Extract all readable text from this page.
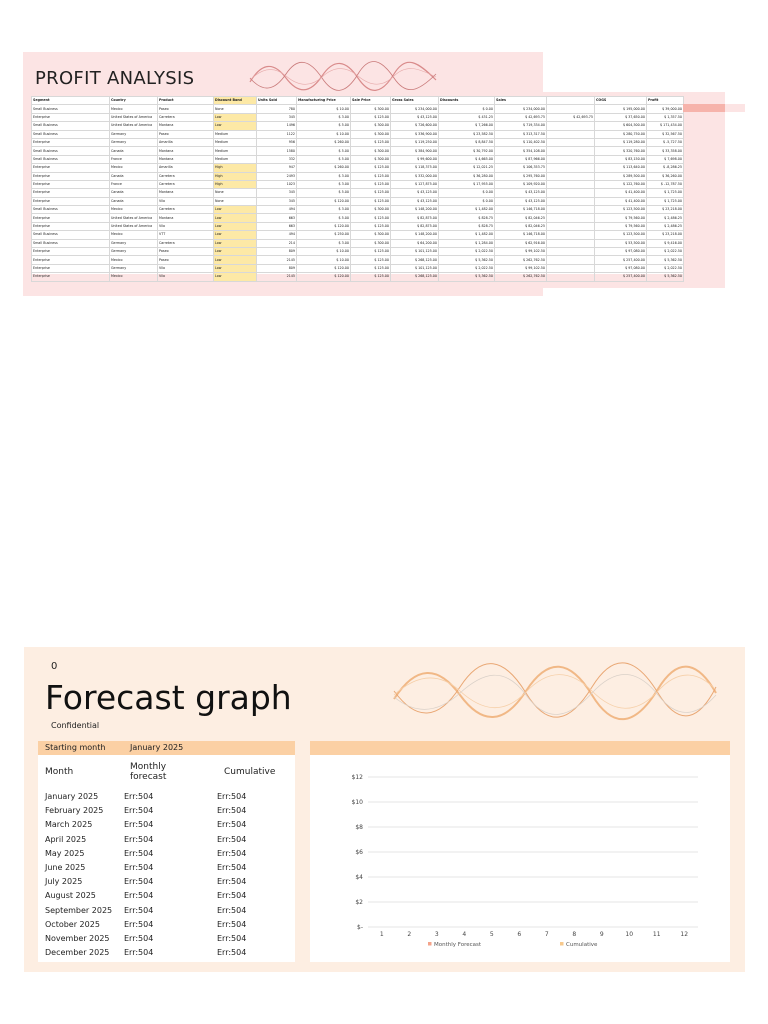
PROFIT ANALYSIS
Segment	Country	Product	Discount Band	Units Sold	Manufacturing Price	Sale Price	Gross Sales	Discounts	Sales		COGS	Profit
Small Business	Mexico	Paseo	None	780	$ 10.00	$ 300.00	$ 234,000.00	$ 0.00	$ 234,000.00		$ 195,000.00	$ 39,000.00
Enterprise	United States of America	Carretera	Low	345	$ 3.00	$ 125.00	$ 43,125.00	$ 431.25	$ 42,693.75	$ 42,693.75	$ 37,650.00	$ 1,357.50
Small Business	United States of America	Montana	Low	1496	$ 5.00	$ 300.00	$ 726,600.00	$ 7,266.00	$ 719,334.00		$ 604,500.00	$ 171,434.00
Small Business	Germany	Paseo	Medium	1122	$ 10.00	$ 300.00	$ 336,900.00	$ 23,582.50	$ 313,317.50		$ 280,750.00	$ 32,567.50
Enterprise	Germany	Amarilla	Medium	956	$ 260.00	$ 125.00	$ 119,250.00	$ 8,847.50	$ 110,402.50		$ 119,280.00	$ -5,727.50
Small Business	Canada	Montana	Medium	1580	$ 5.00	$ 300.00	$ 384,900.00	$ 30,792.00	$ 354,108.00		$ 320,760.00	$ 33,358.00
Small Business	France	Montana	Medium	332	$ 5.00	$ 300.00	$ 99,600.00	$ 4,665.00	$ 87,966.00		$ 83,150.00	$ 7,698.00
Enterprise	Mexico	Amarilla	High	947	$ 260.00	$ 125.00	$ 118,375.00	$ 12,021.25	$ 106,353.75		$ 113,640.00	$ -8,286.25
Enterprise	Canada	Carretera	High	2493	$ 3.00	$ 125.00	$ 332,000.00	$ 36,280.00	$ 295,760.00		$ 289,500.00	$ 36,260.00
Enterprise	France	Carretera	High	1023	$ 3.00	$ 125.00	$ 127,875.00	$ 17,955.00	$ 109,920.00		$ 122,760.00	$ -12,787.50
Enterprise	Canada	Montana	None	345	$ 5.00	$ 125.00	$ 43,125.00	$ 0.00	$ 43,125.00		$ 41,400.00	$ 1,725.00
Enterprise	Canada	Vilo	None	345	$ 120.00	$ 125.00	$ 43,125.00	$ 0.00	$ 43,125.00		$ 41,400.00	$ 1,725.00
Small Business	Mexico	Carretera	Low	494	$ 3.00	$ 300.00	$ 148,200.00	$ 1,482.00	$ 146,718.00		$ 123,500.00	$ 23,218.00
Enterprise	United States of America	Montana	Low	663	$ 5.00	$ 125.00	$ 82,875.00	$ 828.75	$ 82,046.25		$ 79,560.00	$ 2,486.25
Enterprise	United States of America	Vilo	Low	663	$ 120.00	$ 125.00	$ 82,875.00	$ 828.75	$ 82,046.25		$ 79,560.00	$ 2,486.25
Small Business	Mexico	VTT	Low	494	$ 250.00	$ 300.00	$ 148,200.00	$ 1,482.00	$ 146,718.00		$ 123,500.00	$ 23,218.00
Small Business	Germany	Carretera	Low	214	$ 3.00	$ 300.00	$ 64,200.00	$ 1,284.00	$ 62,916.00		$ 53,500.00	$ 9,416.00
Enterprise	Germany	Paseo	Low	809	$ 10.00	$ 125.00	$ 101,125.00	$ 2,022.50	$ 99,102.50		$ 97,080.00	$ 2,022.50
Enterprise	Mexico	Paseo	Low	2145	$ 10.00	$ 125.00	$ 268,125.00	$ 5,362.50	$ 262,762.50		$ 257,400.00	$ 5,362.50
Enterprise	Germany	Vilo	Low	809	$ 120.00	$ 125.00	$ 101,125.00	$ 2,022.50	$ 99,102.50		$ 97,080.00	$ 2,022.50
Enterprise	Mexico	Vilo	Low	2145	$ 120.00	$ 125.00	$ 268,125.00	$ 5,362.50	$ 262,762.50		$ 257,400.00	$ 5,362.50
0
Forecast graph
Confidential
Starting month	January 2025
Month	Monthly forecast	Cumulative
January 2025	Err:504	Err:504
February 2025	Err:504	Err:504
March 2025	Err:504	Err:504
April 2025	Err:504	Err:504
May 2025	Err:504	Err:504
June 2025	Err:504	Err:504
July 2025	Err:504	Err:504
August 2025	Err:504	Err:504
September 2025 Err:504	Err:504
October 2025	Err:504	Err:504
November 2025 Err:504	Err:504
December 2025 Err:504	Err:504
$-
$2
$4
$6
$8
$10
$12
1	2	3	4	5	6	7	8	9	10	11	12
Monthly Forecast	Cumulative
